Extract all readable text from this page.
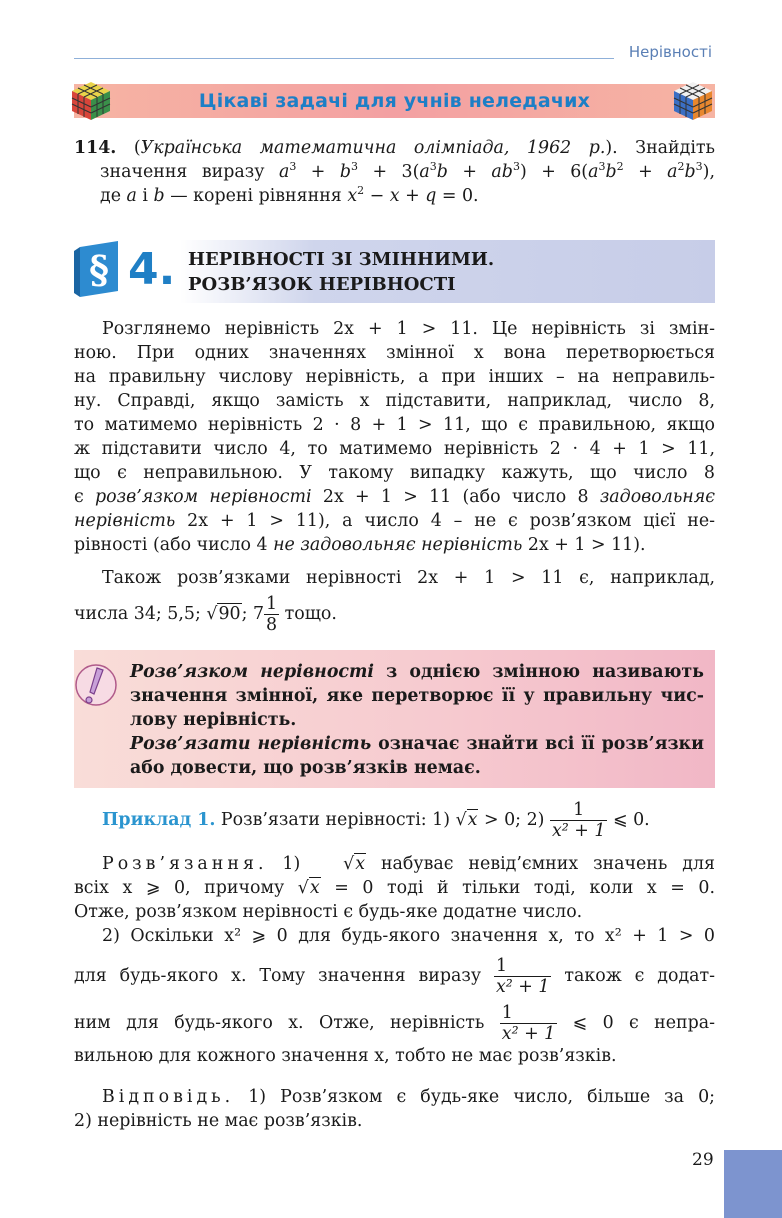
Нерівності
Цікаві задачі для учнів неледачих
114. (Українська математична олімпіада, 1962 р.). Знайдіть
значення виразу $a^3 + b^3 + 3(a^3b + ab^3) + 6(a^3b^2 + a^2b^3)$,
де a і b — корені рівняння $x^2 - x + q = 0$.
§ 4. НЕРІВНОСТІ ЗІ ЗМІННИМИ.
РОЗВ’ЯЗОК НЕРІВНОСТІ
Розглянемо нерівність 2x + 1 > 11. Це нерівність зі змін-
ною. При одних значеннях змінної x вона перетворюється
на правильну числову нерівність, а при інших – на неправиль-
ну. Справді, якщо замість x підставити, наприклад, число 8,
то матимемо нерівність 2 · 8 + 1 > 11, що є правильною, якщо
ж підставити число 4, то матимемо нерівність 2 · 4 + 1 > 11,
що є неправильною. У такому випадку кажуть, що число 8
є розв’язком нерівності 2x + 1 > 11 (або число 8 задовольняє
нерівність 2x + 1 > 11), а число 4 – не є розв’язком цієї не-
рівності (або число 4 не задовольняє нерівність 2x + 1 > 11).
Також розв’язками нерівності 2x + 1 > 11 є, наприклад,
числа 34; 5,5; √90; $7 \frac{1}{8}$ тощо.
Розв’язком нерівності з однією змінною називають
значення змінної, яке перетворює її у правильну чис-
лову нерівність.
Розв’язати нерівність означає знайти всі її розв’язки
або довести, що розв’язків немає.
Приклад 1. Розв’язати нерівності: 1) √x > 0; $2) \frac{1}{\text{x² + 1}}$ ⩽ 0.
Розв’язання. 1) √x набуває невід’ємних значень для
всіх x ⩾ 0, причому √x = 0 тоді й тільки тоді, коли x = 0.
Отже, розв’язком нерівності є будь-яке додатне число.
2) Оскільки x² ⩾ 0 для будь-якого значення x, то x² + 1 > 0
для будь-якого x. Тому значення виразу $\frac{1}{\text{x² + 1}}$ також є додат-
ним для будь-якого x. Отже, нерівність $\frac{1}{\text{x² + 1}}$ ⩽ 0 є непра-
вильною для кожного значення x, тобто не має розв’язків.
Відповідь. 1) Розв’язком є будь-яке число, більше за 0;
2) нерівність не має розв’язків.
29
